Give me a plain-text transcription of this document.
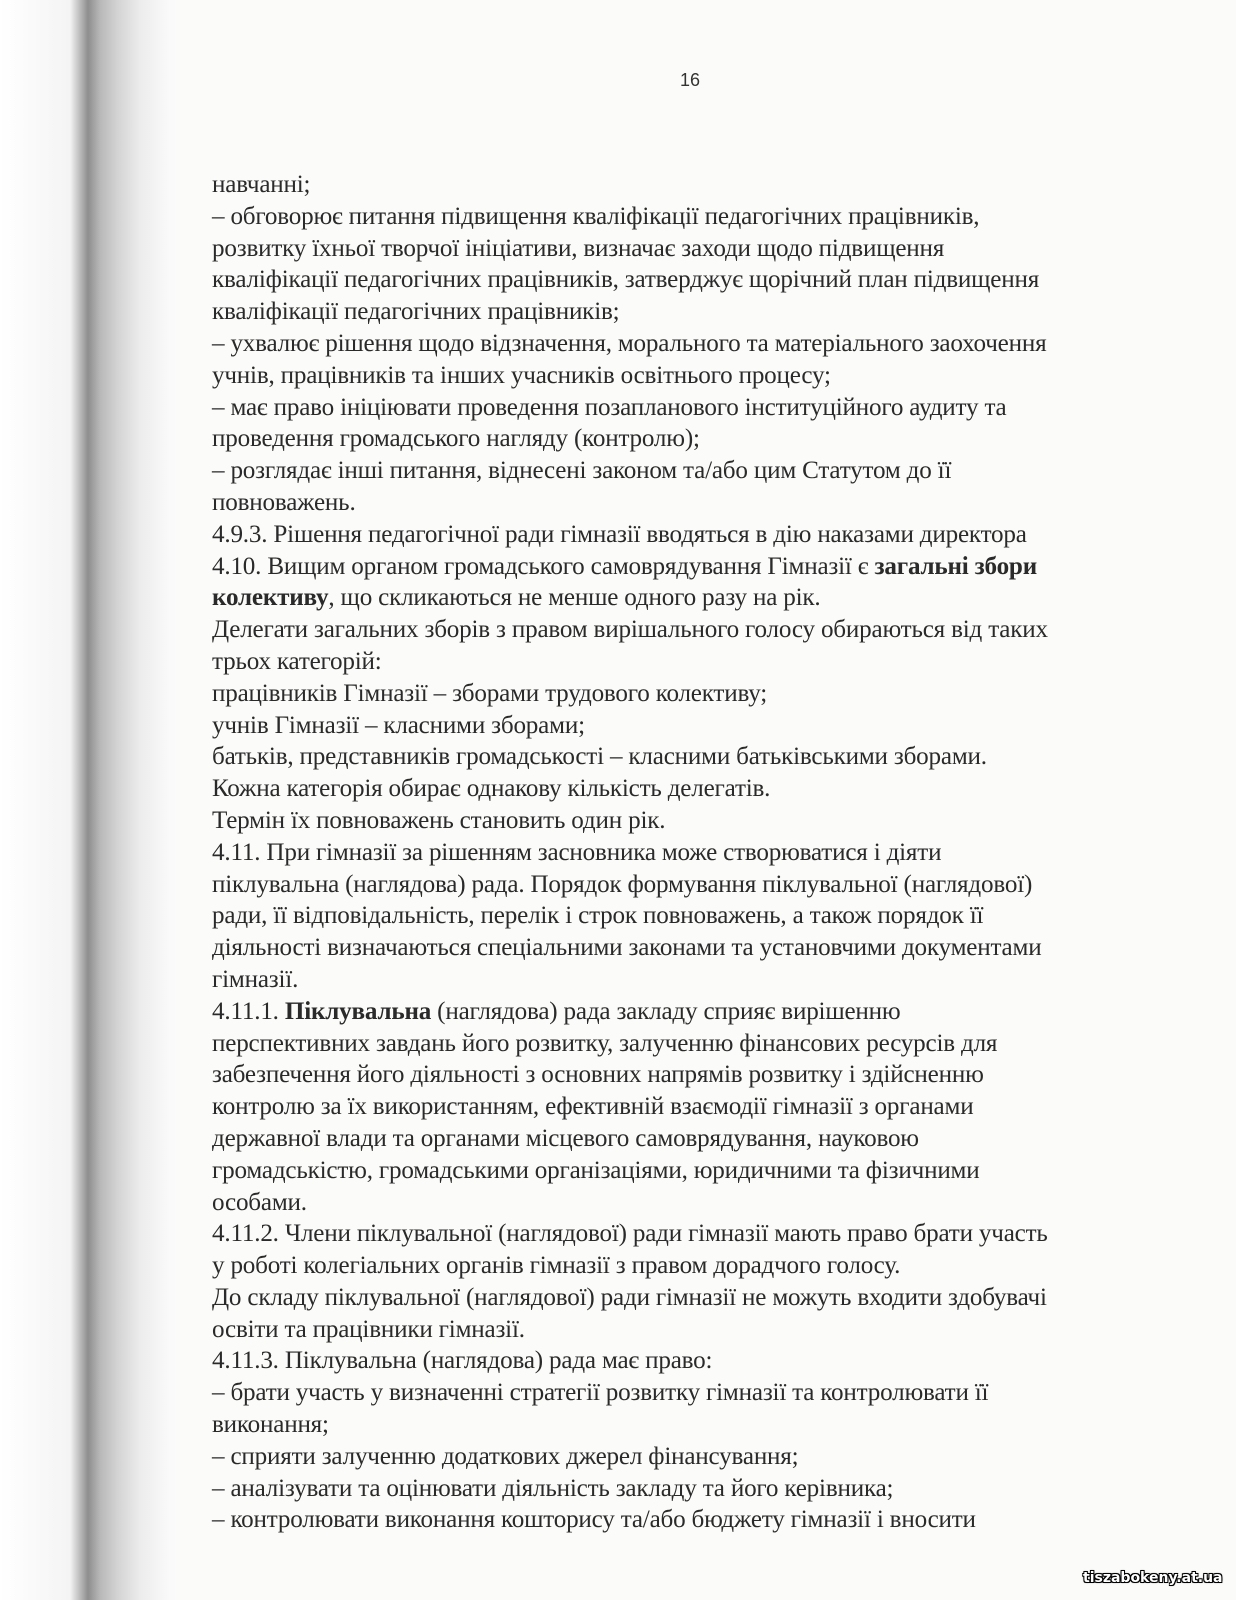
16
навчанні;
– обговорює питання підвищення кваліфікації педагогічних працівників,
розвитку їхньої творчої ініціативи, визначає заходи щодо підвищення
кваліфікації педагогічних працівників, затверджує щорічний план підвищення
кваліфікації педагогічних працівників;
– ухвалює рішення щодо відзначення, морального та матеріального заохочення
учнів, працівників та інших учасників освітнього процесу;
– має право ініціювати проведення позапланового інституційного аудиту та
проведення громадського нагляду (контролю);
– розглядає інші питання, віднесені законом та/або цим Статутом до її
повноважень.
4.9.3. Рішення педагогічної ради гімназії вводяться в дію наказами директора
4.10. Вищим органом громадського самоврядування Гімназії є загальні збори
колективу, що скликаються не менше одного разу на рік.
Делегати загальних зборів з правом вирішального голосу обираються від таких
трьох категорій:
працівників Гімназії – зборами трудового колективу;
учнів Гімназії – класними зборами;
батьків, представників громадськості – класними батьківськими зборами.
Кожна категорія обирає однакову кількість делегатів.
Термін їх повноважень становить один рік.
4.11. При гімназії за рішенням засновника може створюватися і діяти
піклувальна (наглядова) рада. Порядок формування піклувальної (наглядової)
ради, її відповідальність, перелік і строк повноважень, а також порядок її
діяльності визначаються спеціальними законами та установчими документами
гімназії.
4.11.1. Піклувальна (наглядова) рада закладу сприяє вирішенню
перспективних завдань його розвитку, залученню фінансових ресурсів для
забезпечення його діяльності з основних напрямів розвитку і здійсненню
контролю за їх використанням, ефективній взаємодії гімназії з органами
державної влади та органами місцевого самоврядування, науковою
громадськістю, громадськими організаціями, юридичними та фізичними
особами.
4.11.2. Члени піклувальної (наглядової) ради гімназії мають право брати участь
у роботі колегіальних органів гімназії з правом дорадчого голосу.
До складу піклувальної (наглядової) ради гімназії не можуть входити здобувачі
освіти та працівники гімназії.
4.11.3. Піклувальна (наглядова) рада має право:
– брати участь у визначенні стратегії розвитку гімназії та контролювати її
виконання;
– сприяти залученню додаткових джерел фінансування;
– аналізувати та оцінювати діяльність закладу та його керівника;
– контролювати виконання кошторису та/або бюджету гімназії і вносити
tiszabokeny.at.ua
